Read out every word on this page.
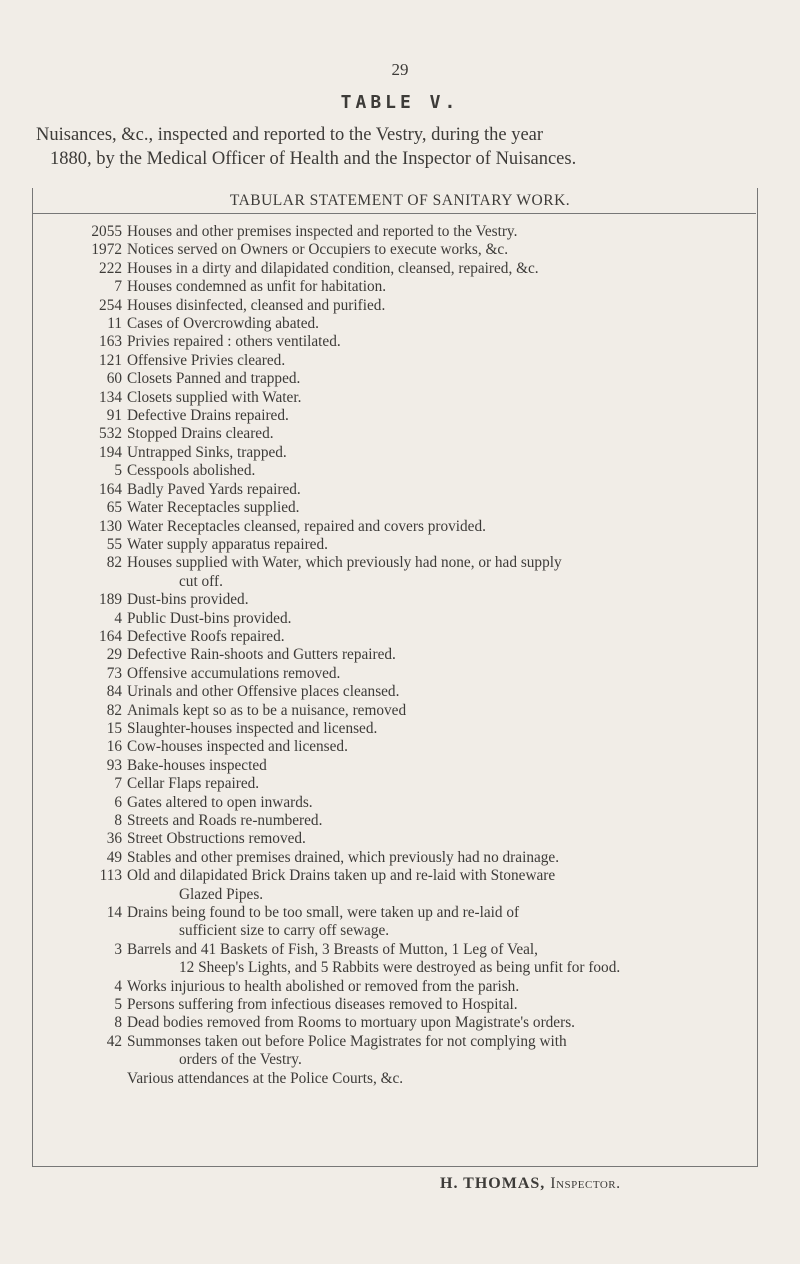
29
TABLE V.
Nuisances, &c., inspected and reported to the Vestry, during the year
1880, by the Medical Officer of Health and the Inspector of Nuisances.
TABULAR STATEMENT OF SANITARY WORK.
2055 Houses and other premises inspected and reported to the Vestry.
1972 Notices served on Owners or Occupiers to execute works, &c.
222 Houses in a dirty and dilapidated condition, cleansed, repaired, &c.
7 Houses condemned as unfit for habitation.
254 Houses disinfected, cleansed and purified.
11 Cases of Overcrowding abated.
163 Privies repaired : others ventilated.
121 Offensive Privies cleared.
60 Closets Panned and trapped.
134 Closets supplied with Water.
91 Defective Drains repaired.
532 Stopped Drains cleared.
194 Untrapped Sinks, trapped.
5 Cesspools abolished.
164 Badly Paved Yards repaired.
65 Water Receptacles supplied.
130 Water Receptacles cleansed, repaired and covers provided.
55 Water supply apparatus repaired.
82 Houses supplied with Water, which previously had none, or had supply
cut off.
189 Dust-bins provided.
4 Public Dust-bins provided.
164 Defective Roofs repaired.
29 Defective Rain-shoots and Gutters repaired.
73 Offensive accumulations removed.
84 Urinals and other Offensive places cleansed.
82 Animals kept so as to be a nuisance, removed
15 Slaughter-houses inspected and licensed.
16 Cow-houses inspected and licensed.
93 Bake-houses inspected
7 Cellar Flaps repaired.
6 Gates altered to open inwards.
8 Streets and Roads re-numbered.
36 Street Obstructions removed.
49 Stables and other premises drained, which previously had no drainage.
113 Old and dilapidated Brick Drains taken up and re-laid with Stoneware
Glazed Pipes.
14 Drains being found to be too small, were taken up and re-laid of
sufficient size to carry off sewage.
3 Barrels and 41 Baskets of Fish, 3 Breasts of Mutton, 1 Leg of Veal,
12 Sheep's Lights, and 5 Rabbits were destroyed as being unfit for food.
4 Works injurious to health abolished or removed from the parish.
5 Persons suffering from infectious diseases removed to Hospital.
8 Dead bodies removed from Rooms to mortuary upon Magistrate's orders.
42 Summonses taken out before Police Magistrates for not complying with
orders of the Vestry.
Various attendances at the Police Courts, &c.
H. THOMAS, Inspector.
